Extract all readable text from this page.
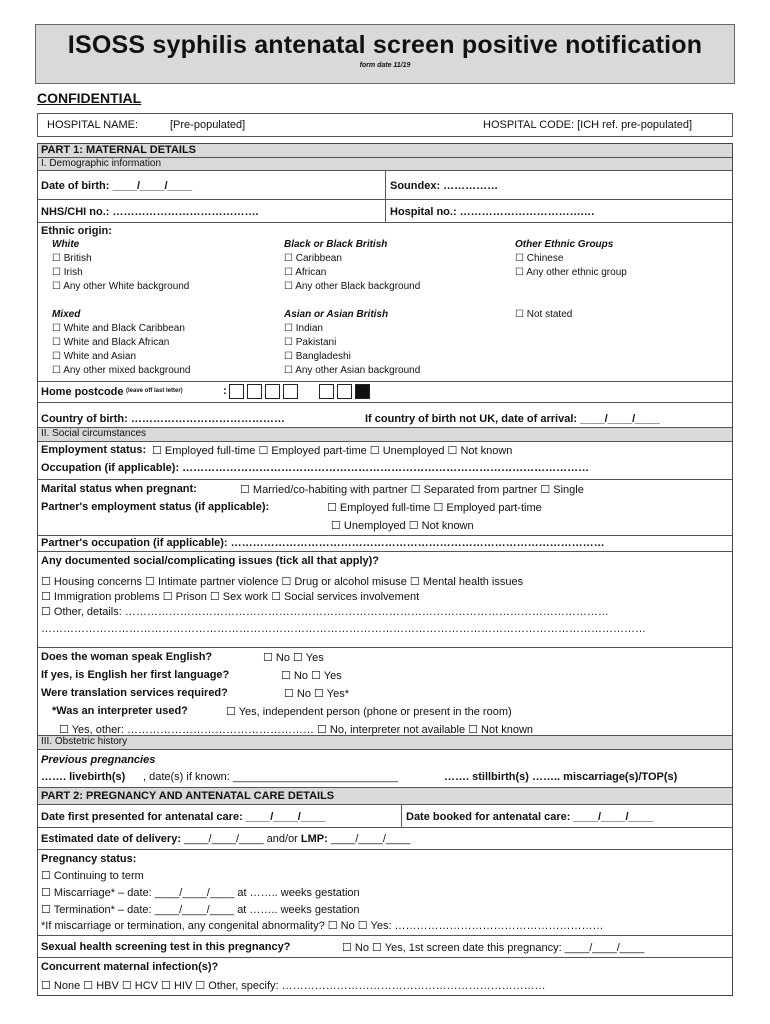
ISOSS syphilis antenatal screen positive notification
form date 11/19
CONFIDENTIAL
HOSPITAL NAME:	[Pre-populated]	HOSPITAL CODE: [ICH ref. pre-populated]
PART 1: MATERNAL DETAILS
I. Demographic information
Date of birth: ____/____/____	Soundex: ……………
NHS/CHI no.: ………………………………….	Hospital no.: …………………………….…
Ethnic origin:
White
☐ British
☐ Irish
☐ Any other White background
Black or Black British
☐ Caribbean
☐ African
☐ Any other Black background
Other Ethnic Groups
☐ Chinese
☐ Any other ethnic group
Mixed
☐ White and Black Caribbean
☐ White and Black African
☐ White and Asian
☐ Any other mixed background
Asian or Asian British
☐ Indian
☐ Pakistani
☐ Bangladeshi
☐ Any other Asian background
☐ Not stated
Home postcode (leave off last letter)	:

Country of birth: ……………………………………	If country of birth not UK, date of arrival: ____/____/____
II. Social circumstances
Employment status: ☐ Employed full-time ☐ Employed part-time ☐ Unemployed ☐ Not known
Occupation (if applicable): …………………………………………………………………………………………………
Marital status when pregnant:	☐ Married/co-habiting with partner ☐ Separated from partner ☐ Single
Partner's employment status (if applicable):	☐ Employed full-time ☐ Employed part-time
☐ Unemployed ☐ Not known
Partner's occupation (if applicable): …………………………………………………………………………………………
Any documented social/complicating issues (tick all that apply)?
☐ Housing concerns ☐ Intimate partner violence ☐ Drug or alcohol misuse ☐ Mental health issues
☐ Immigration problems ☐ Prison ☐ Sex work ☐ Social services involvement
☐ Other, details: ……………………………………………………………………………………………………………………
…………………………………………………………………………………………………………………………………………………
Does the woman speak English?	☐ No ☐ Yes
If yes, is English her first language?	☐ No ☐ Yes
Were translation services required?	☐ No ☐ Yes*
*Was an interpreter used?	☐ Yes, independent person (phone or present in the room)
☐ Yes, other: …………………………………………… ☐ No, interpreter not available ☐ Not known
III. Obstetric history
Previous pregnancies
……. livebirth(s) , date(s) if known: ___________________________	……. stillbirth(s) …….. miscarriage(s)/TOP(s)
PART 2: PREGNANCY AND ANTENATAL CARE DETAILS
Date first presented for antenatal care: ____/____/____	Date booked for antenatal care: ____/____/____
Estimated date of delivery: ____/____/____ and/or LMP: ____/____/____
Pregnancy status:
☐ Continuing to term
☐ Miscarriage* – date: ____/____/____ at …….. weeks gestation
☐ Termination* – date: ____/____/____ at …….. weeks gestation
*If miscarriage or termination, any congenital abnormality? ☐ No ☐ Yes: …………………………………………………
Sexual health screening test in this pregnancy?	☐ No ☐ Yes, 1st screen date this pregnancy: ____/____/____
Concurrent maternal infection(s)?
☐ None ☐ HBV ☐ HCV ☐ HIV ☐ Other, specify: ………………………………………………………………
